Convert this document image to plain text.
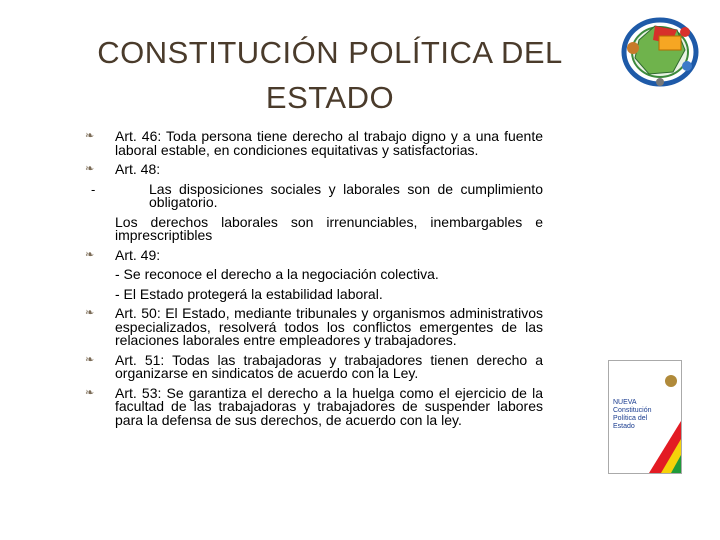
CONSTITUCIÓN POLÍTICA DEL
ESTADO
NUEVA
Constitución
Política del
Estado
❧	Art. 46: Toda persona tiene derecho al trabajo digno y a una fuente laboral estable, en condiciones equitativas y satisfactorias.
❧	Art. 48:
-	Las disposiciones sociales y laborales son de cumplimiento obligatorio.
Los derechos laborales son irrenunciables, inembargables e imprescriptibles
❧	Art. 49:
- Se reconoce el derecho a la negociación colectiva.
- El Estado protegerá la estabilidad laboral.
❧	Art. 50: El Estado, mediante tribunales y organismos administrativos especializados, resolverá todos los conflictos emergentes de las relaciones laborales entre empleadores y trabajadores.
❧	Art. 51: Todas las trabajadoras y trabajadores tienen derecho a organizarse en sindicatos de acuerdo con la Ley.
❧	Art. 53: Se garantiza el derecho a la huelga como el ejercicio de la facultad de las trabajadoras y trabajadores de suspender labores para la defensa de sus derechos, de acuerdo con la ley.
